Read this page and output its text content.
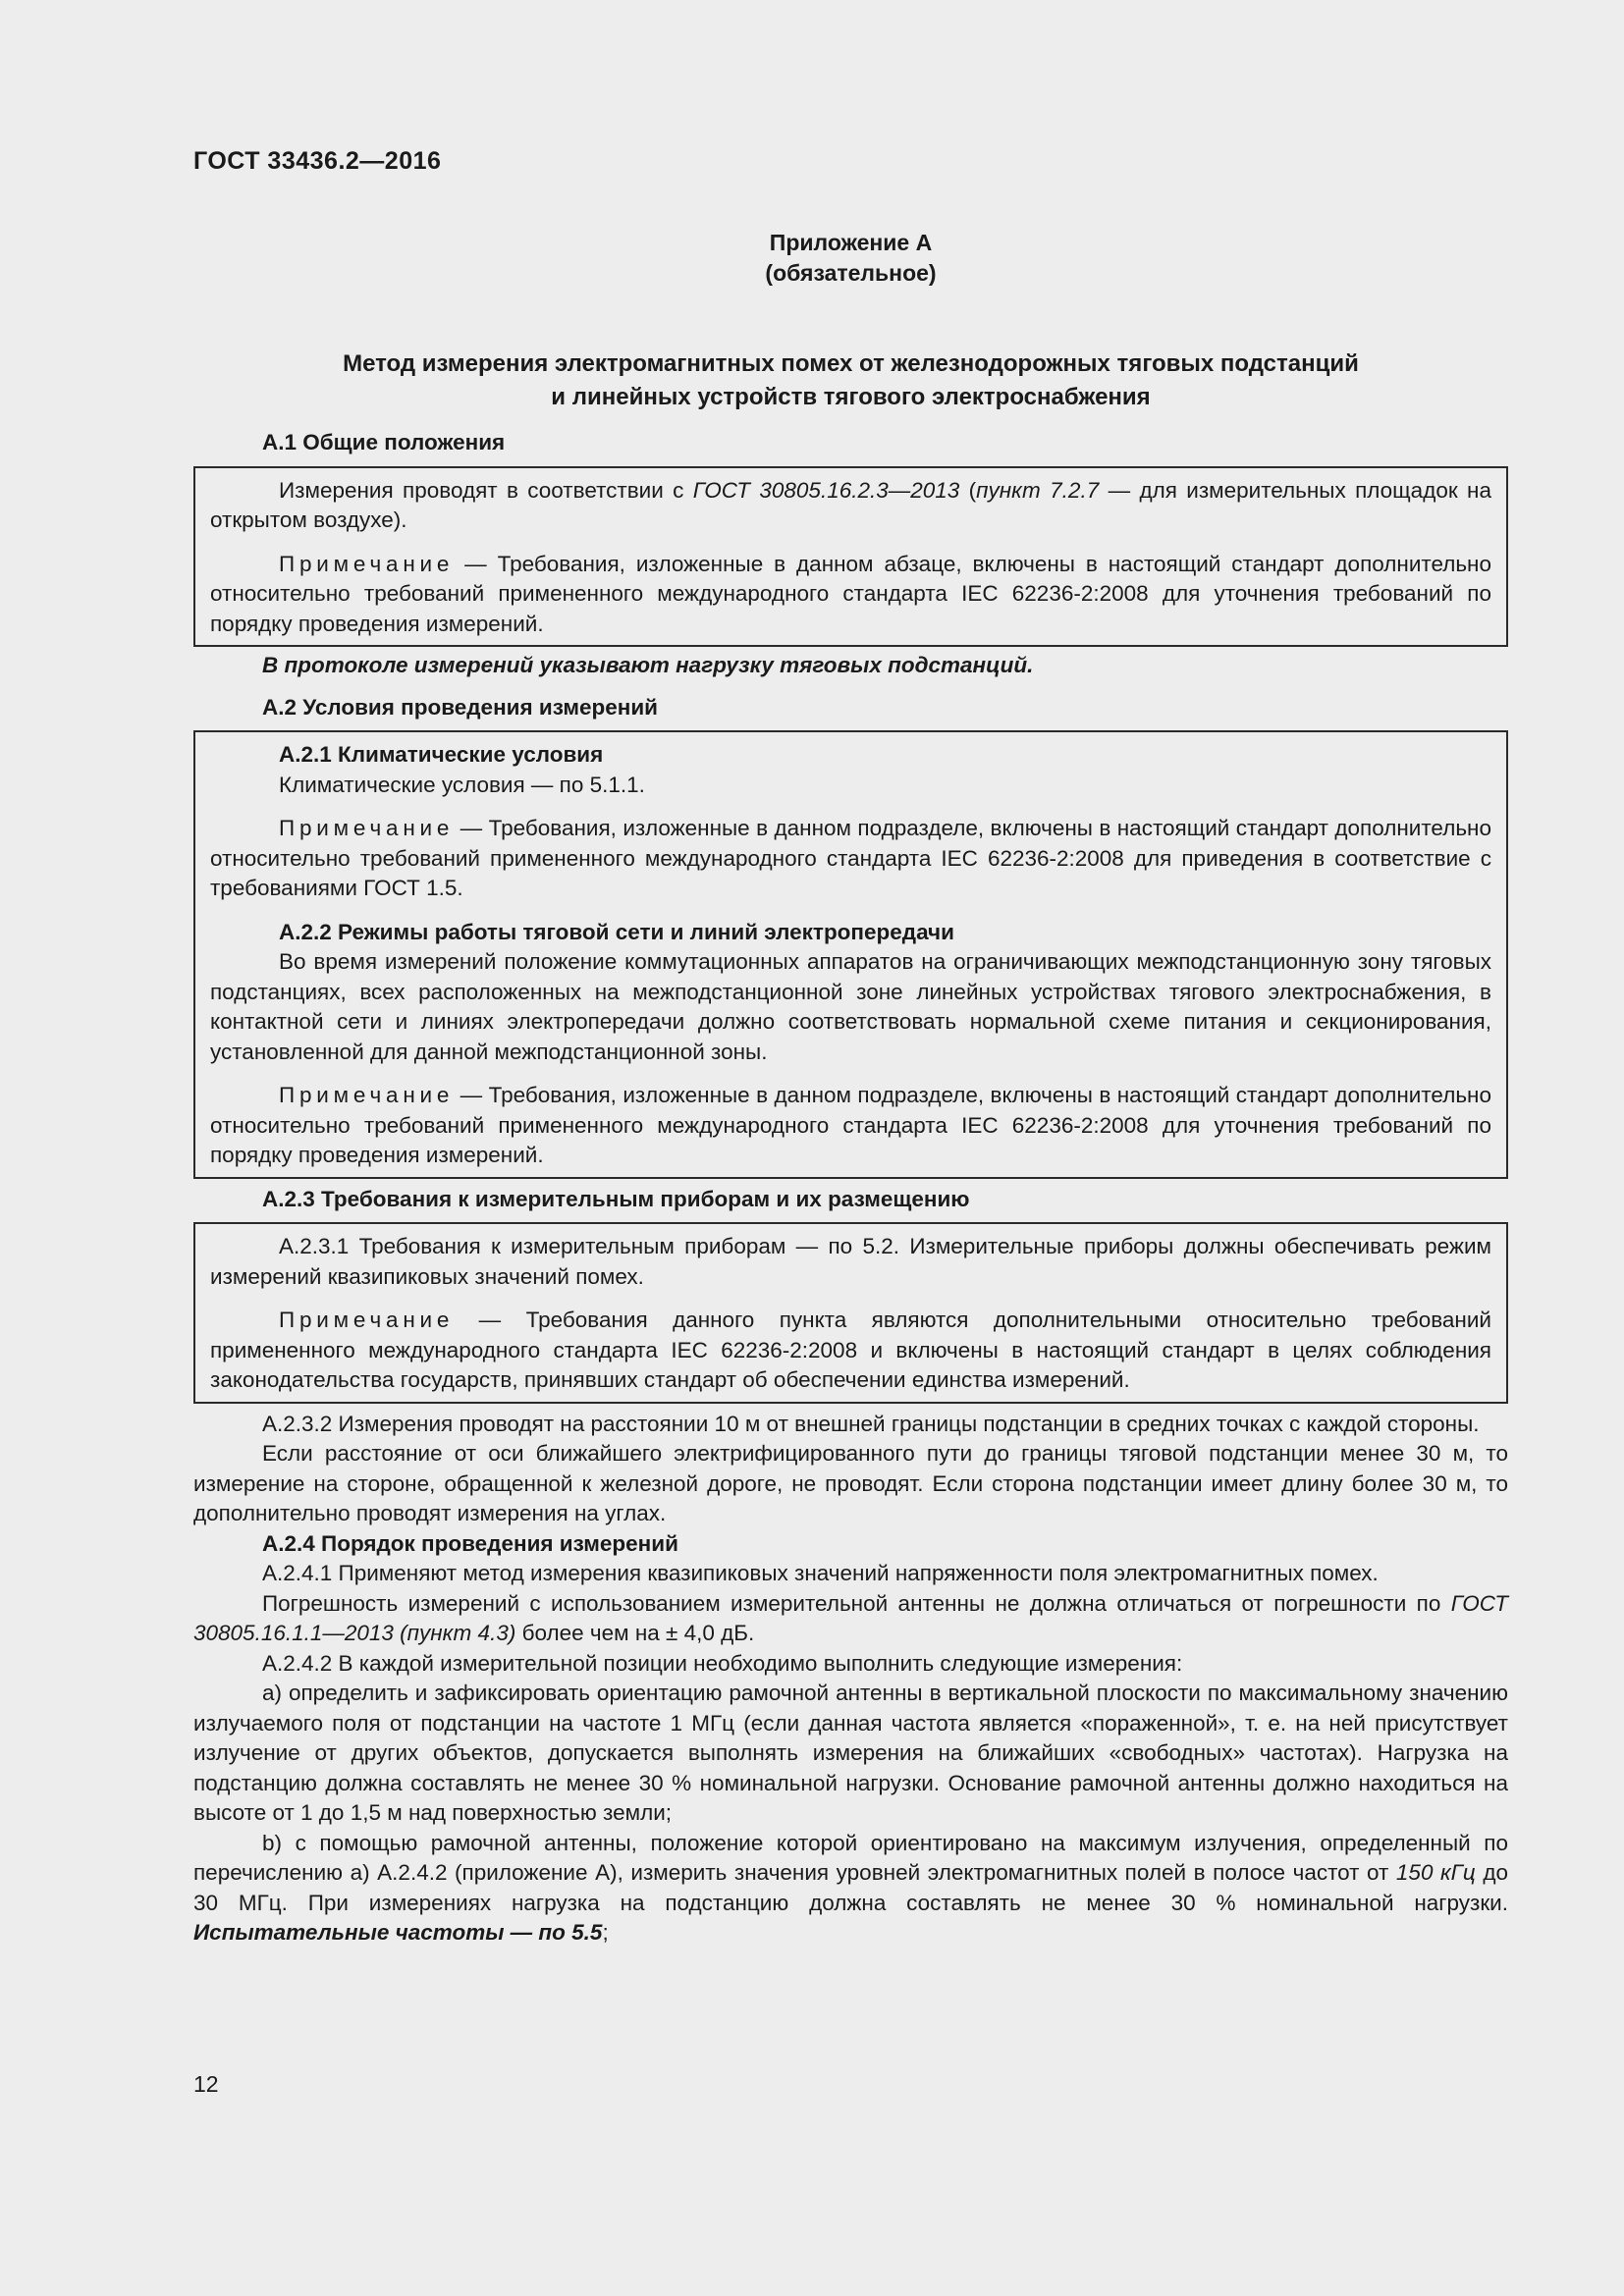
ГОСТ 33436.2—2016
Приложение А
(обязательное)
Метод измерения электромагнитных помех от железнодорожных тяговых подстанций
и линейных устройств тягового электроснабжения
А.1 Общие положения

Измерения проводят в соответствии с ГОСТ 30805.16.2.3—2013 (пункт 7.2.7 — для измерительных площадок на открытом воздухе).

Примечание — Требования, изложенные в данном абзаце, включены в настоящий стандарт дополнительно относительно требований примененного международного стандарта IEC 62236-2:2008 для уточнения требований по порядку проведения измерений.

В протоколе измерений указывают нагрузку тяговых подстанций.

А.2 Условия проведения измерений
А.2.1 Климатические условия

Климатические условия — по 5.1.1.

Примечание — Требования, изложенные в данном подразделе, включены в настоящий стандарт дополнительно относительно требований примененного международного стандарта IEC 62236-2:2008 для приведения в соответствие с требованиями ГОСТ 1.5.

А.2.2 Режимы работы тяговой сети и линий электропередачи

Во время измерений положение коммутационных аппаратов на ограничивающих межподстанционную зону тяговых подстанциях, всех расположенных на межподстанционной зоне линейных устройствах тягового электроснабжения, в контактной сети и линиях электропередачи должно соответствовать нормальной схеме питания и секционирования, установленной для данной межподстанционной зоны.

Примечание — Требования, изложенные в данном подразделе, включены в настоящий стандарт дополнительно относительно требований примененного международного стандарта IEC 62236-2:2008 для уточнения требований по порядку проведения измерений.

А.2.3 Требования к измерительным приборам и их размещению

А.2.3.1 Требования к измерительным приборам — по 5.2. Измерительные приборы должны обеспечивать режим измерений квазипиковых значений помех.

Примечание — Требования данного пункта являются дополнительными относительно требований примененного международного стандарта IEC 62236-2:2008 и включены в настоящий стандарт в целях соблюдения законодательства государств, принявших стандарт об обеспечении единства измерений.

А.2.3.2 Измерения проводят на расстоянии 10 м от внешней границы подстанции в средних точках с каждой стороны.

Если расстояние от оси ближайшего электрифицированного пути до границы тяговой подстанции менее 30 м, то измерение на стороне, обращенной к железной дороге, не проводят. Если сторона подстанции имеет длину более 30 м, то дополнительно проводят измерения на углах.

А.2.4 Порядок проведения измерений

А.2.4.1 Применяют метод измерения квазипиковых значений напряженности поля электромагнитных помех.

Погрешность измерений с использованием измерительной антенны не должна отличаться от погрешности по ГОСТ 30805.16.1.1—2013 (пункт 4.3) более чем на ± 4,0 дБ.

А.2.4.2 В каждой измерительной позиции необходимо выполнить следующие измерения:

а) определить и зафиксировать ориентацию рамочной антенны в вертикальной плоскости по максимальному значению излучаемого поля от подстанции на частоте 1 МГц (если данная частота является «пораженной», т. е. на ней присутствует излучение от других объектов, допускается выполнять измерения на ближайших «свободных» частотах). Нагрузка на подстанцию должна составлять не менее 30 % номинальной нагрузки. Основание рамочной антенны должно находиться на высоте от 1 до 1,5 м над поверхностью земли;

b) с помощью рамочной антенны, положение которой ориентировано на максимум излучения, определенный по перечислению а) А.2.4.2 (приложение А), измерить значения уровней электромагнитных полей в полосе частот от 150 кГц до 30 МГц. При измерениях нагрузка на подстанцию должна составлять не менее 30 % номинальной нагрузки. Испытательные частоты — по 5.5;

12
